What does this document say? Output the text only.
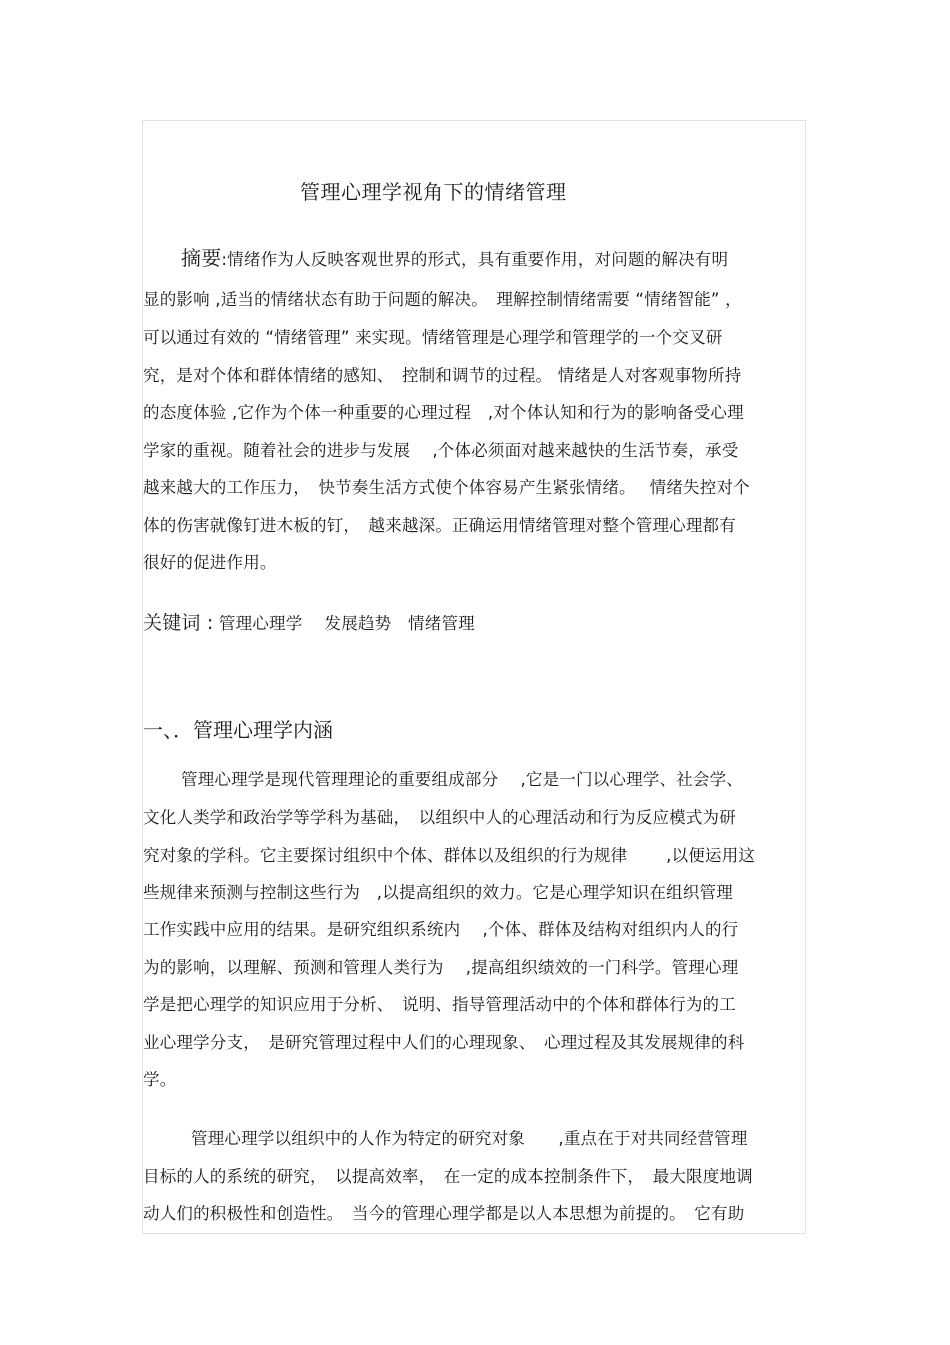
管理心理学视角下的情绪管理
摘要:情绪作为人反映客观世界的形式，具有重要作用，对问题的解决有明
显的影响 ,适当的情绪状态有助于问题的解决。　理解控制情绪需要 “情绪智能” ，
可以通过有效的 “情绪管理” 来实现。情绪管理是心理学和管理学的一个交叉研
究，是对个体和群体情绪的感知、　控制和调节的过程。 情绪是人对客观事物所持
的态度体验 ,它作为个体一种重要的心理过程　,对个体认知和行为的影响备受心理
学家的重视。随着社会的进步与发展　 ,个体必须面对越来越快的生活节奏，承受
越来越大的工作压力，　快节奏生活方式使个体容易产生紧张情绪。　 情绪失控对个
体的伤害就像钉进木板的钉，　越来越深。正确运用情绪管理对整个管理心理都有
很好的促进作用。
关键词 : 管理心理学　 发展趋势　情绪管理
一、．管理心理学内涵
管理心理学是现代管理理论的重要组成部分　 ,它是一门以心理学、社会学、
文化人类学和政治学等学科为基础，　以组织中人的心理活动和行为反应模式为研
究对象的学科。它主要探讨组织中个体、群体以及组织的行为规律　　 ,以便运用这
些规律来预测与控制这些行为　,以提高组织的效力。它是心理学知识在组织管理
工作实践中应用的结果。是研究组织系统内　 ,个体、群体及结构对组织内人的行
为的影响，以理解、预测和管理人类行为　 ,提高组织绩效的一门科学。管理心理
学是把心理学的知识应用于分析、　说明、指导管理活动中的个体和群体行为的工
业心理学分支，　是研究管理过程中人们的心理现象、　心理过程及其发展规律的科
学。
管理心理学以组织中的人作为特定的研究对象　　,重点在于对共同经营管理
目标的人的系统的研究，　以提高效率，　在一定的成本控制条件下，　最大限度地调
动人们的积极性和创造性。　当今的管理心理学都是以人本思想为前提的。　它有助
